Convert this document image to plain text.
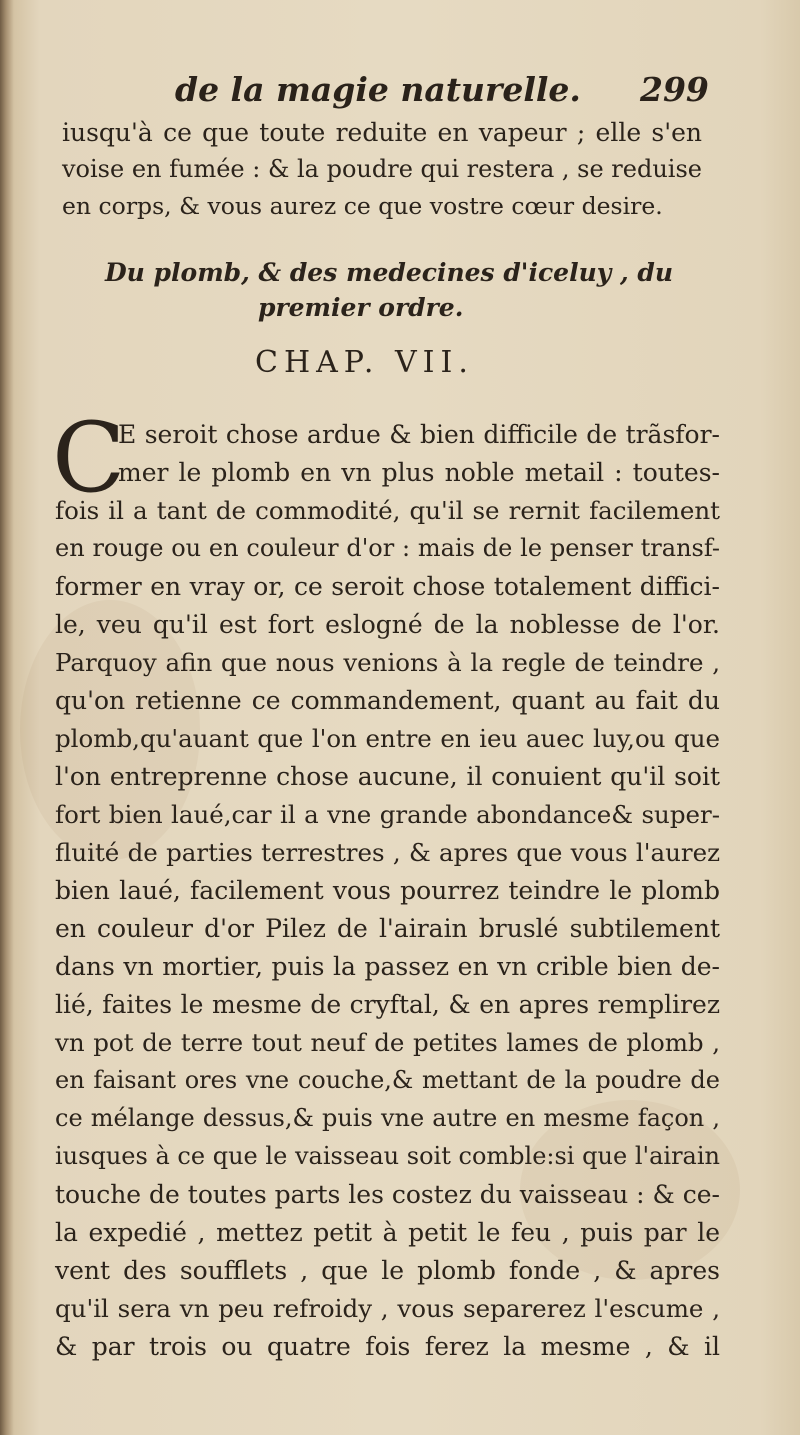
de la magie naturelle. 299
iusqu'à ce que toute reduite en vapeur ; elle s'en
voise en fumée : & la poudre qui restera , se reduise
en corps, & vous aurez ce que vostre cœur desire.
Du plomb, & des medecines d'iceluy , du
premier ordre.
CHAP. VII.
C
E seroit chose ardue & bien difficile de trãsfor-
mer le plomb en vn plus noble metail : toutes-
fois il a tant de commodité, qu'il se rernit facilement
en rouge ou en couleur d'or : mais de le penser transf-
former en vray or, ce seroit chose totalement diffici-
le, veu qu'il est fort eslogné de la noblesse de l'or.
Parquoy afin que nous venions à la regle de teindre ,
qu'on retienne ce commandement, quant au fait du
plomb,qu'auant que l'on entre en ieu auec luy,ou que
l'on entreprenne chose aucune, il conuient qu'il soit
fort bien laué,car il a vne grande abondance& super-
fluité de parties terrestres , & apres que vous l'aurez
bien laué, facilement vous pourrez teindre le plomb
en couleur d'or Pilez de l'airain bruslé subtilement
dans vn mortier, puis la passez en vn crible bien de-
lié, faites le mesme de cryftal, & en apres remplirez
vn pot de terre tout neuf de petites lames de plomb ,
en faisant ores vne couche,& mettant de la poudre de
ce mélange dessus,& puis vne autre en mesme façon ,
iusques à ce que le vaisseau soit comble:si que l'airain
touche de toutes parts les costez du vaisseau : & ce-
la expedié , mettez petit à petit le feu , puis par le
vent des soufflets , que le plomb fonde , & apres
qu'il sera vn peu refroidy , vous separerez l'escume ,
& par trois ou quatre fois ferez la mesme , & il
